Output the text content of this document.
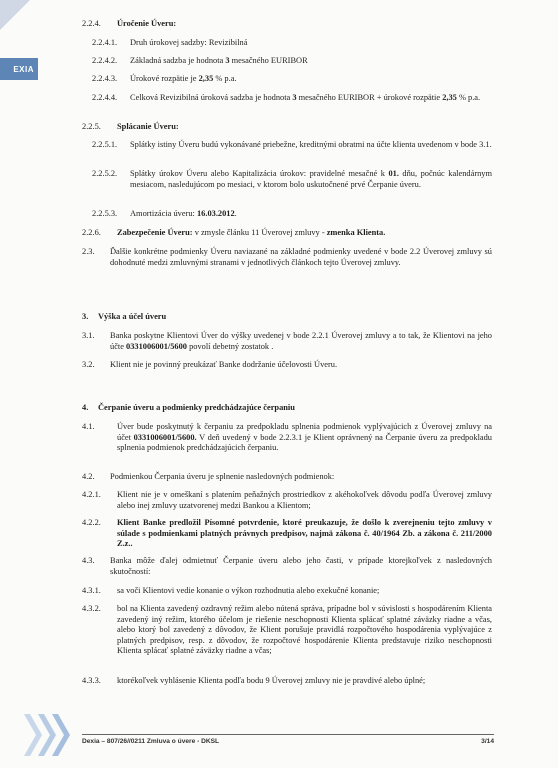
EXIA
2.2.4. Úročenie Úveru:
2.2.4.1. Druh úrokovej sadzby: Revizibilná
2.2.4.2. Základná sadzba je hodnota 3 mesačného EURIBOR
2.2.4.3. Úrokové rozpätie je 2,35 % p.a.
2.2.4.4. Celková Revizibilná úroková sadzba je hodnota 3 mesačného EURIBOR + úrokové rozpätie 2,35 % p.a.
2.2.5. Splácanie Úveru:
2.2.5.1. Splátky istiny Úveru budú vykonávané priebežne, kreditnými obratmi na účte klienta uvedenom v bode 3.1.
2.2.5.2. Splátky úrokov Úveru alebo Kapitalizácia úrokov: pravidelné mesačné k 01. dňu, počnúc kalendárnym mesiacom, nasledujúcom po mesiaci, v ktorom bolo uskutočnené prvé Čerpanie úveru.
2.2.5.3. Amortizácia úveru: 16.03.2012.
2.2.6. Zabezpečenie Úveru: v zmysle článku 11 Úverovej zmluvy - zmenka Klienta.
2.3. Ďalšie konkrétne podmienky Úveru naviazané na základné podmienky uvedené v bode 2.2 Úverovej zmluvy sú dohodnuté medzi zmluvnými stranami v jednotlivých článkoch tejto Úverovej zmluvy.
3. Výška a účel úveru
3.1. Banka poskytne Klientovi Úver do výšky uvedenej v bode 2.2.1 Úverovej zmluvy a to tak, že Klientovi na jeho účte 0331006001/5600 povolí debetný zostatok .
3.2. Klient nie je povinný preukázať Banke dodržanie účelovosti Úveru.
4. Čerpanie úveru a podmienky predchádzajúce čerpaniu
4.1.	Úver bude poskytnutý k čerpaniu za predpokladu splnenia podmienok vyplývajúcich z Úverovej zmluvy na účet 0331006001/5600. V deň uvedený v bode 2.2.3.1 je Klient oprávnený na Čerpanie úveru za predpokladu splnenia podmienok predchádzajúcich čerpaniu.
4.2. Podmienkou Čerpania úveru je splnenie nasledovných podmienok:
4.2.1. Klient nie je v omeškaní s platením peňažných prostriedkov z akéhokoľvek dôvodu podľa Úverovej zmluvy alebo inej zmluvy uzatvorenej medzi Bankou a Klientom;
4.2.2. Klient Banke predložil Písomné potvrdenie, ktoré preukazuje, že došlo k zverejneniu tejto zmluvy v súlade s podmienkami platných právnych predpisov, najmä zákona č. 40/1964 Zb. a zákona č. 211/2000 Z.z..
4.3. Banka môže ďalej odmietnuť Čerpanie úveru alebo jeho časti, v prípade ktorejkoľvek z nasledovných skutočností:
4.3.1. sa voči Klientovi vedie konanie o výkon rozhodnutia alebo exekučné konanie;
4.3.2. bol na Klienta zavedený ozdravný režim alebo nútená správa, prípadne bol v súvislosti s hospodárením Klienta zavedený iný režim, ktorého účelom je riešenie neschopnosti Klienta splácať splatné záväzky riadne a včas, alebo ktorý bol zavedený z dôvodov, že Klient porušuje pravidlá rozpočtového hospodárenia vyplývajúce z platných predpisov, resp. z dôvodov, že rozpočtové hospodárenie Klienta predstavuje riziko neschopnosti Klienta splácať splatné záväzky riadne a včas;
4.3.3. ktorékoľvek vyhlásenie Klienta podľa bodu 9 Úverovej zmluvy nie je pravdivé alebo úplné;
Dexia – 807/26//0211 Zmluva o úvere - DKSL	3/14
